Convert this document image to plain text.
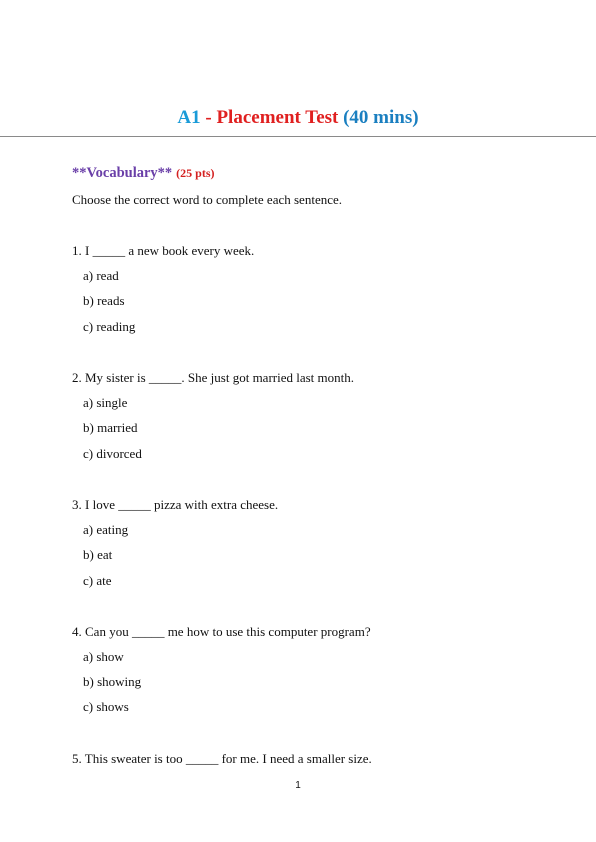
A1 - Placement Test (40 mins)
**Vocabulary** (25 pts)
Choose the correct word to complete each sentence.
1. I _____ a new book every week.
a) read
b) reads
c) reading
2. My sister is _____. She just got married last month.
a) single
b) married
c) divorced
3. I love _____ pizza with extra cheese.
a) eating
b) eat
c) ate
4. Can you _____ me how to use this computer program?
a) show
b) showing
c) shows
5. This sweater is too _____ for me. I need a smaller size.
1
